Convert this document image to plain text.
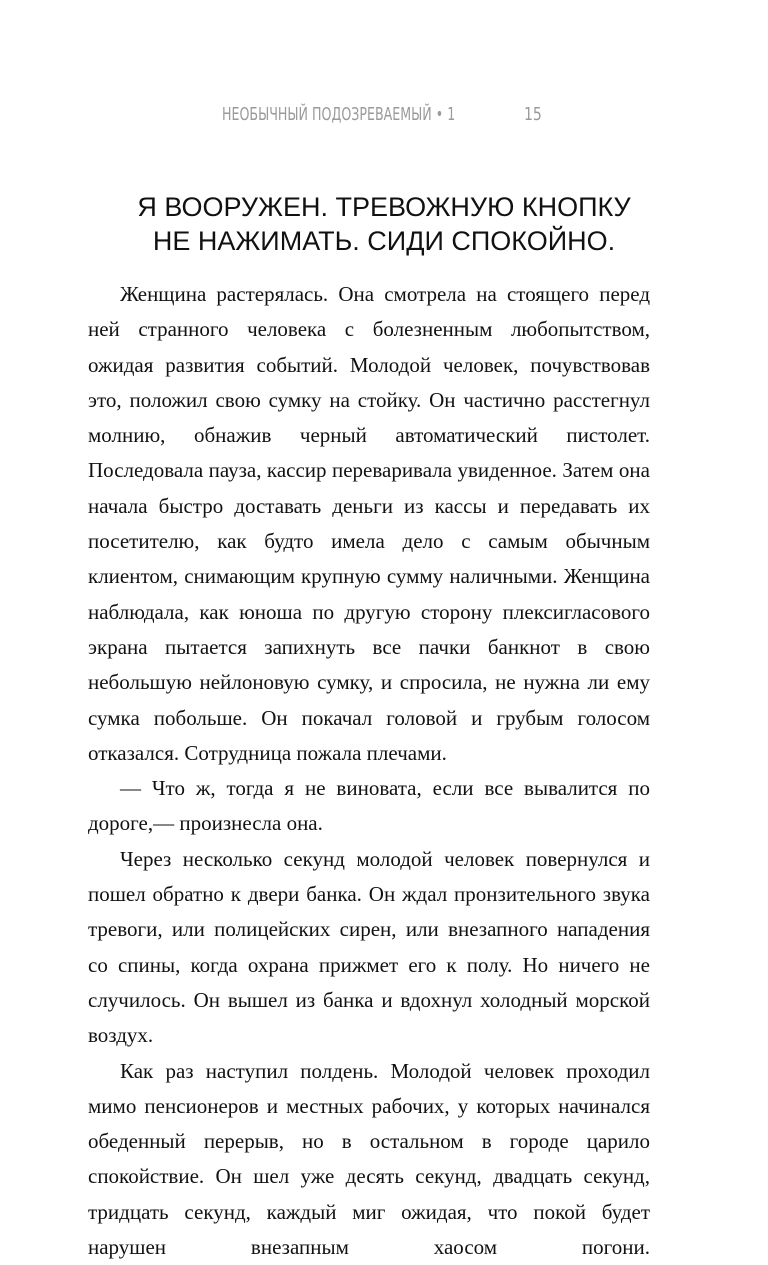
НЕОБЫЧНЫЙ ПОДОЗРЕВАЕМЫЙ • 1	15
Я ВООРУЖЕН. ТРЕВОЖНУЮ КНОПКУ
НЕ НАЖИМАТЬ. СИДИ СПОКОЙНО.

Женщина растерялась. Она смотрела на стоящего перед ней странного человека с болезненным любопытством, ожидая развития событий. Молодой человек, почувствовав это, положил свою сумку на стойку. Он частично расстегнул молнию, обнажив черный автоматический пистолет. Последовала пауза, кассир переваривала увиденное. Затем она начала быстро доставать деньги из кассы и передавать их посетителю, как будто имела дело с самым обычным клиентом, снимающим крупную сумму наличными. Женщина наблюдала, как юноша по другую сторону плексигласового экрана пытается запихнуть все пачки банкнот в свою небольшую нейлоновую сумку, и спросила, не нужна ли ему сумка побольше. Он покачал головой и грубым голосом отказался. Сотрудница пожала плечами.

— Что ж, тогда я не виновата, если все вывалится по дороге,— произнесла она.

Через несколько секунд молодой человек повернулся и пошел обратно к двери банка. Он ждал пронзительного звука тревоги, или полицейских сирен, или внезапного нападения со спины, когда охрана прижмет его к полу. Но ничего не случилось. Он вышел из банка и вдохнул холодный морской воздух.

Как раз наступил полдень. Молодой человек проходил мимо пенсионеров и местных рабочих, у которых начинался обеденный перерыв, но в остальном в городе царило спокойствие. Он шел уже десять секунд, двадцать секунд, тридцать секунд, каждый миг ожидая, что покой будет нарушен внезапным хаосом погони.
